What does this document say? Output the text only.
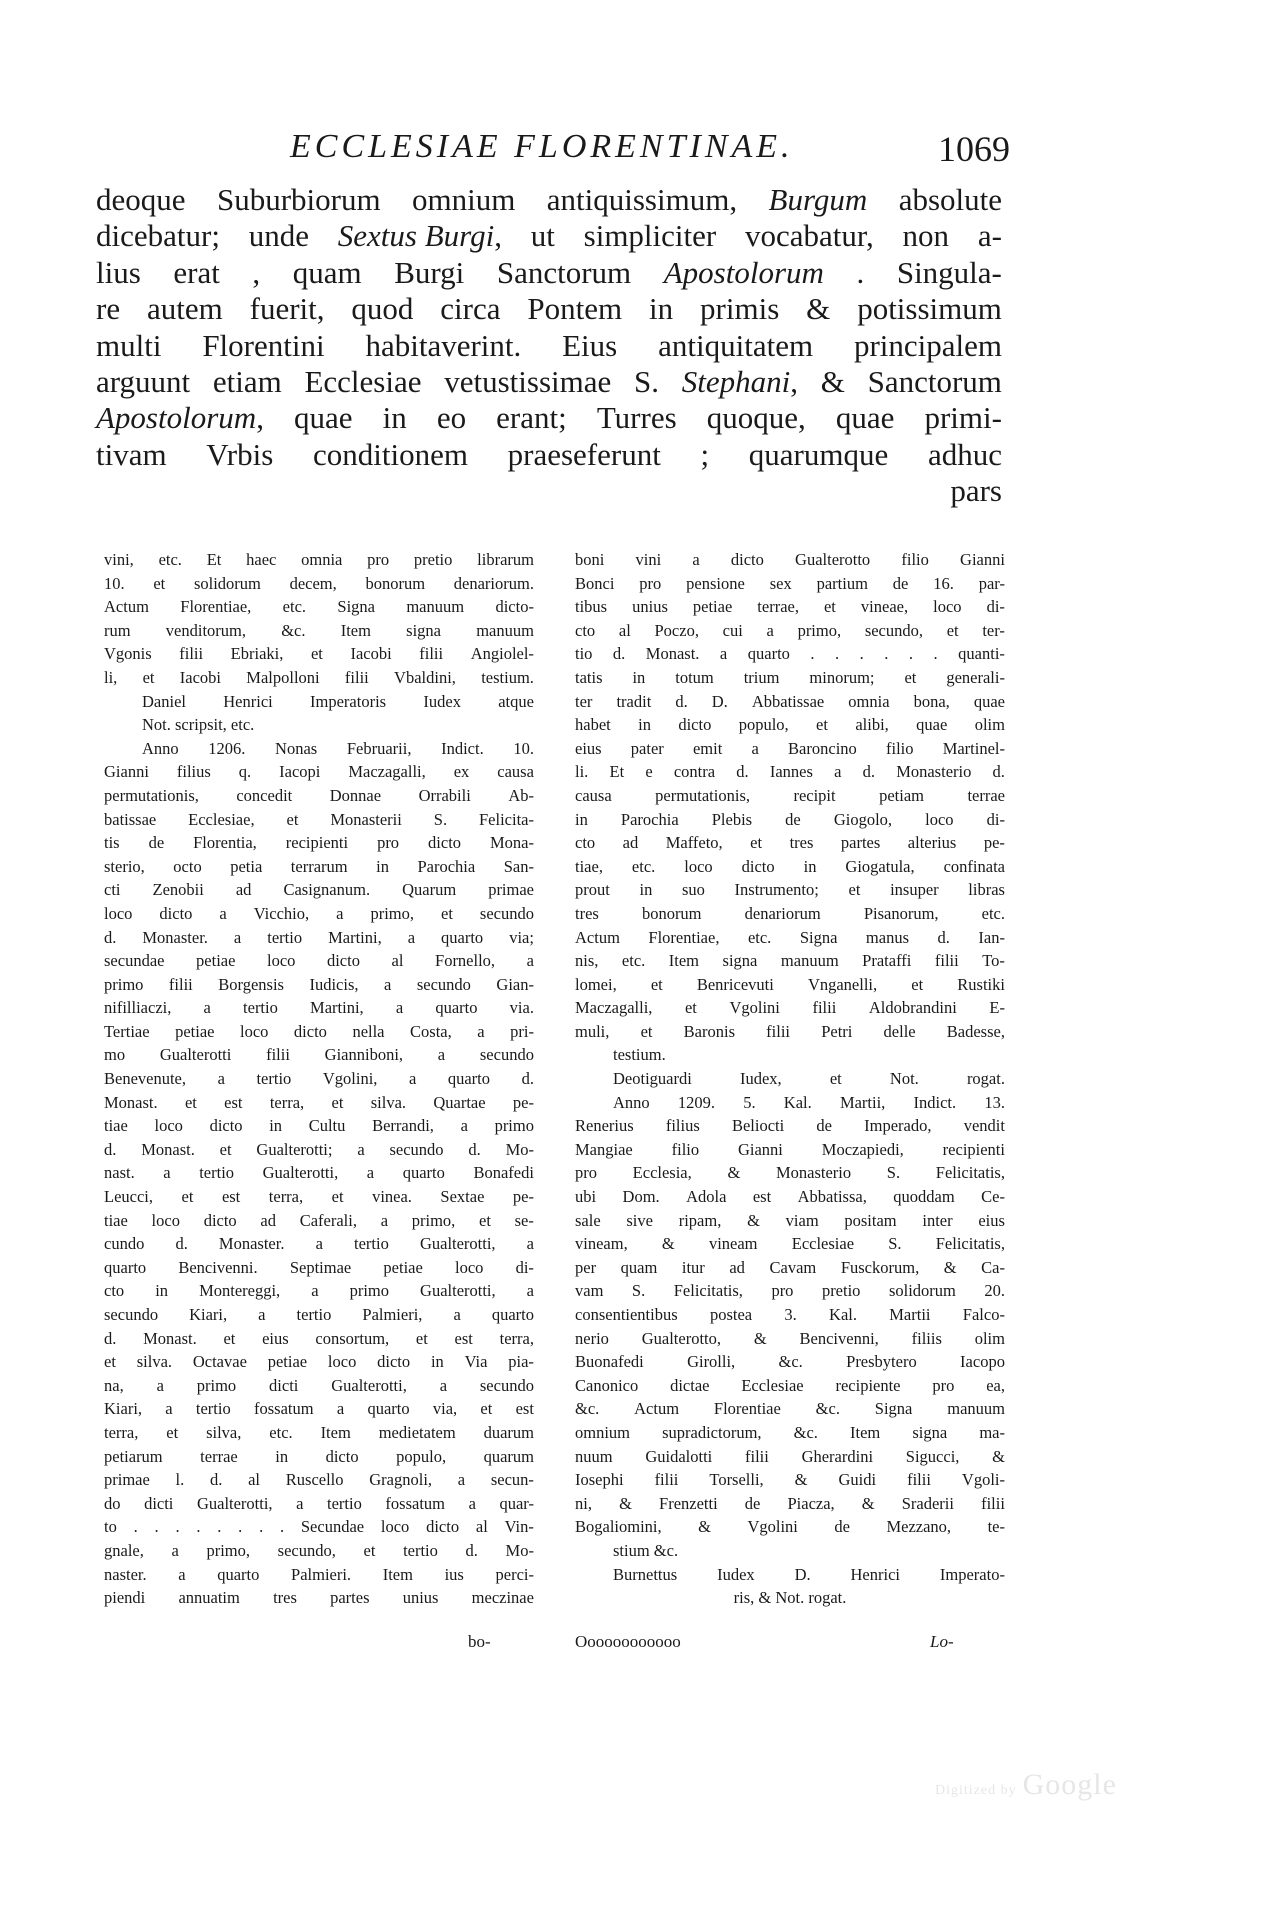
ECCLESIAE FLORENTINAE.	1069
deoque Suburbiorum omnium antiquissimum, Burgum absolute
dicebatur; unde Sextus Burgi, ut simpliciter vocabatur, non a-
lius erat , quam Burgi Sanctorum Apostolorum . Singula-
re autem fuerit, quod circa Pontem in primis & potissimum
multi Florentini habitaverint. Eius antiquitatem principalem
arguunt etiam Ecclesiae vetustissimae S. Stephani, & Sanctorum
Apostolorum, quae in eo erant; Turres quoque, quae primi-
tivam Vrbis conditionem praeseferunt ; quarumque adhuc
pars
vini, etc. Et haec omnia pro pretio librarum
10. et solidorum decem, bonorum denariorum.
Actum Florentiae, etc. Signa manuum dicto-
rum venditorum, &c. Item signa manuum
Vgonis filii Ebriaki, et Iacobi filii Angiolel-
li, et Iacobi Malpolloni filii Vbaldini, testium.
Daniel Henrici Imperatoris Iudex atque
Not. scripsit, etc.
Anno 1206. Nonas Februarii, Indict. 10.
Gianni filius q. Iacopi Maczagalli, ex causa
permutationis, concedit Donnae Orrabili Ab-
batissae Ecclesiae, et Monasterii S. Felicita-
tis de Florentia, recipienti pro dicto Mona-
sterio, octo petia terrarum in Parochia San-
cti Zenobii ad Casignanum. Quarum primae
loco dicto a Vicchio, a primo, et secundo
d. Monaster. a tertio Martini, a quarto via;
secundae petiae loco dicto al Fornello, a
primo filii Borgensis Iudicis, a secundo Gian-
nifilliaczi, a tertio Martini, a quarto via.
Tertiae petiae loco dicto nella Costa, a pri-
mo Gualterotti filii Gianniboni, a secundo
Benevenute, a tertio Vgolini, a quarto d.
Monast. et est terra, et silva. Quartae pe-
tiae loco dicto in Cultu Berrandi, a primo
d. Monast. et Gualterotti; a secundo d. Mo-
nast. a tertio Gualterotti, a quarto Bonafedi
Leucci, et est terra, et vinea. Sextae pe-
tiae loco dicto ad Caferali, a primo, et se-
cundo d. Monaster. a tertio Gualterotti, a
quarto Bencivenni. Septimae petiae loco di-
cto in Montereggi, a primo Gualterotti, a
secundo Kiari, a tertio Palmieri, a quarto
d. Monast. et eius consortum, et est terra,
et silva. Octavae petiae loco dicto in Via pia-
na, a primo dicti Gualterotti, a secundo
Kiari, a tertio fossatum a quarto via, et est
terra, et silva, etc. Item medietatem duarum
petiarum terrae in dicto populo, quarum
primae l. d. al Ruscello Gragnoli, a secun-
do dicti Gualterotti, a tertio fossatum a quar-
to . . . . . . . . Secundae loco dicto al Vin-
gnale, a primo, secundo, et tertio d. Mo-
naster. a quarto Palmieri. Item ius perci-
piendi annuatim tres partes unius meczinae
boni vini a dicto Gualterotto filio Gianni
Bonci pro pensione sex partium de 16. par-
tibus unius petiae terrae, et vineae, loco di-
cto al Poczo, cui a primo, secundo, et ter-
tio d. Monast. a quarto . . . . . . quanti-
tatis in totum trium minorum; et generali-
ter tradit d. D. Abbatissae omnia bona, quae
habet in dicto populo, et alibi, quae olim
eius pater emit a Baroncino filio Martinel-
li. Et e contra d. Iannes a d. Monasterio d.
causa	permutationis,	recipit	petiam	terrae
in Parochia Plebis de Giogolo, loco di-
cto ad Maffeto, et tres partes alterius pe-
tiae, etc. loco dicto in Giogatula, confinata
prout in suo Instrumento; et insuper libras
tres	bonorum	denariorum	Pisanorum,	etc.
Actum Florentiae, etc. Signa manus d. Ian-
nis, etc. Item signa manuum Prataffi filii To-
lomei, et Benricevuti Vnganelli, et Rustiki
Maczagalli, et Vgolini filii Aldobrandini E-
muli, et Baronis filii Petri delle Badesse,
testium.
Deotiguardi	Iudex,	et	Not.	rogat.
Anno 1209. 5. Kal. Martii, Indict. 13.
Renerius filius Beliocti de Imperado, vendit
Mangiae filio Gianni Moczapiedi, recipienti
pro Ecclesia, & Monasterio S. Felicitatis,
ubi Dom. Adola est Abbatissa, quoddam Ce-
sale sive ripam, & viam positam inter eius
vineam, & vineam Ecclesiae S. Felicitatis,
per quam itur ad Cavam Fusckorum, & Ca-
vam S. Felicitatis, pro pretio solidorum 20.
consentientibus postea 3. Kal. Martii Falco-
nerio Gualterotto, & Bencivenni, filiis olim
Buonafedi	Girolli,	&c.	Presbytero	Iacopo
Canonico dictae Ecclesiae recipiente pro ea,
&c. Actum Florentiae &c. Signa manuum
omnium supradictorum, &c. Item signa ma-
nuum Guidalotti filii Gherardini Sigucci, &
Iosephi filii Torselli, & Guidi filii Vgoli-
ni, & Frenzetti de Piacza, & Sraderii filii
Bogaliomini, & Vgolini de Mezzano, te-
stium &c.
Burnettus Iudex D. Henrici Imperato-
ris, & Not. rogat.
bo-	Oooooooooooo	Lo-
Digitized by Google
